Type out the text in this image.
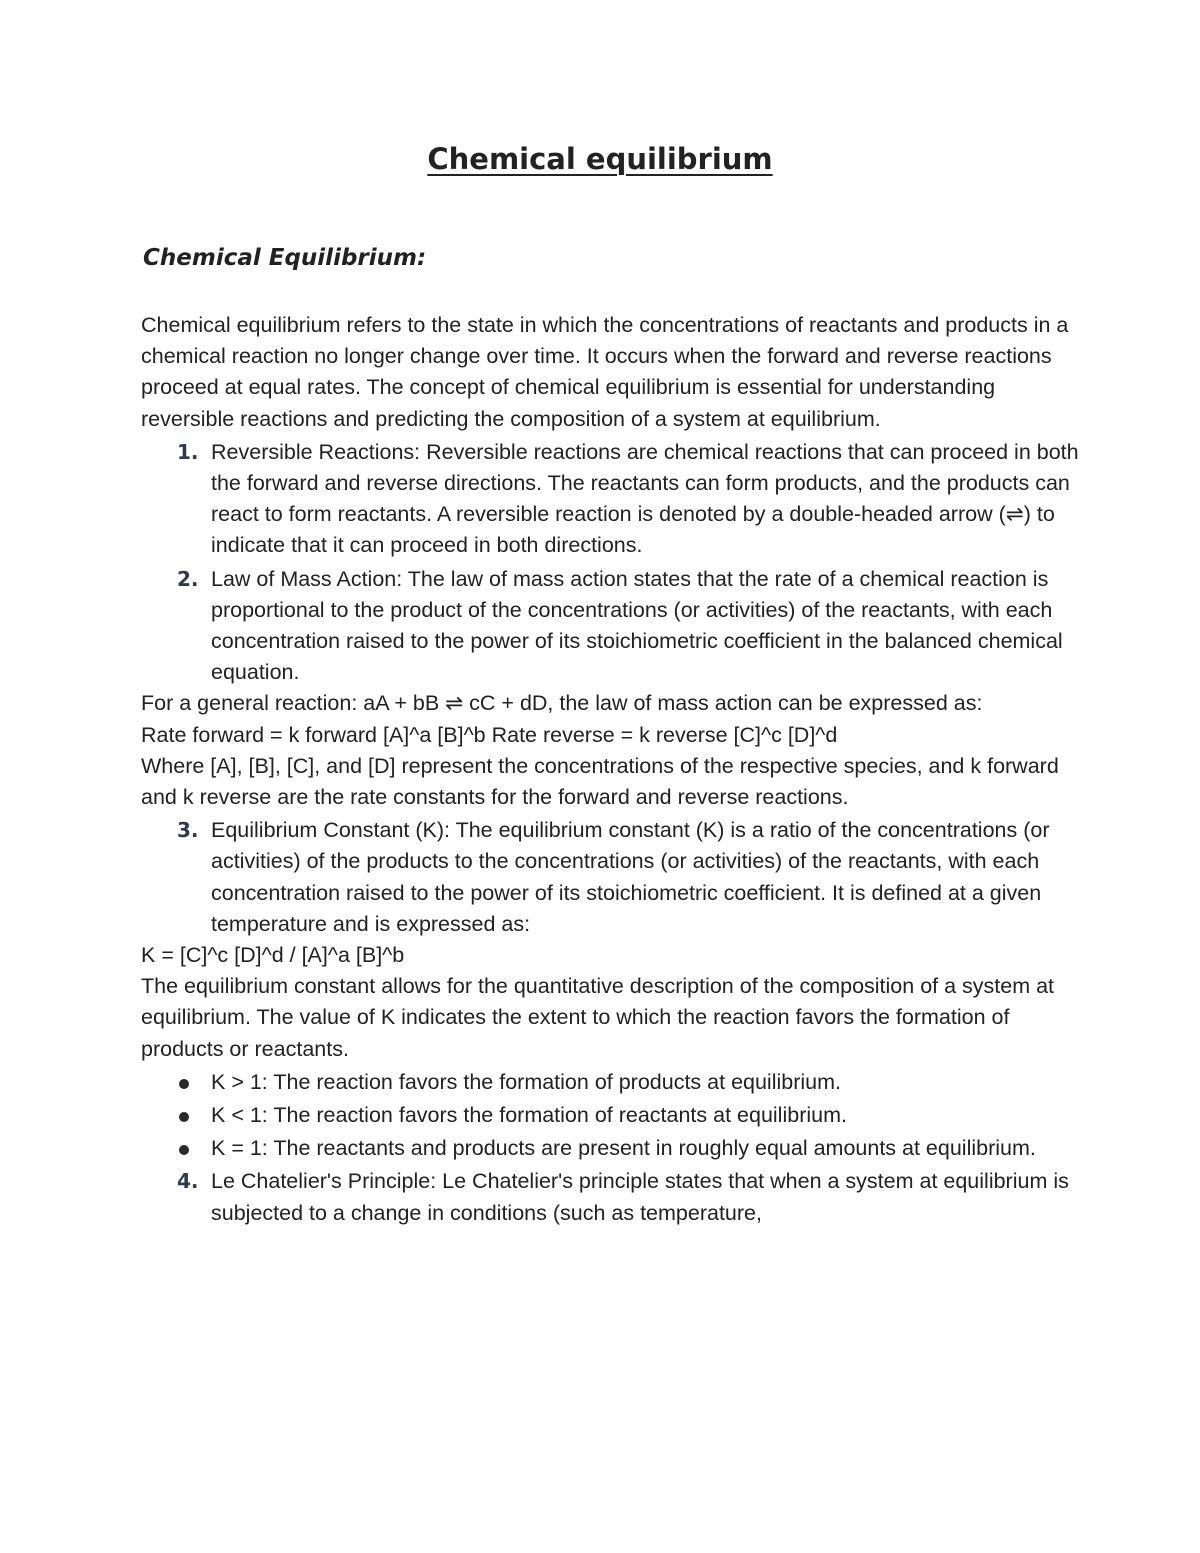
Chemical equilibrium
Chemical Equilibrium:

Chemical equilibrium refers to the state in which the concentrations of reactants and products in a chemical reaction no longer change over time. It occurs when the forward and reverse reactions proceed at equal rates. The concept of chemical equilibrium is essential for understanding reversible reactions and predicting the composition of a system at equilibrium.

1. Reversible Reactions: Reversible reactions are chemical reactions that can proceed in both the forward and reverse directions. The reactants can form products, and the products can react to form reactants. A reversible reaction is denoted by a double-headed arrow (⇌) to indicate that it can proceed in both directions.
2. Law of Mass Action: The law of mass action states that the rate of a chemical reaction is proportional to the product of the concentrations (or activities) of the reactants, with each concentration raised to the power of its stoichiometric coefficient in the balanced chemical equation.

For a general reaction: aA + bB ⇌ cC + dD, the law of mass action can be expressed as:

Rate forward = k forward [A]^a [B]^b Rate reverse = k reverse [C]^c [D]^d

Where [A], [B], [C], and [D] represent the concentrations of the respective species, and k forward and k reverse are the rate constants for the forward and reverse reactions.

3. Equilibrium Constant (K): The equilibrium constant (K) is a ratio of the concentrations (or activities) of the products to the concentrations (or activities) of the reactants, with each concentration raised to the power of its stoichiometric coefficient. It is defined at a given temperature and is expressed as:

K = [C]^c [D]^d / [A]^a [B]^b

The equilibrium constant allows for the quantitative description of the composition of a system at equilibrium. The value of K indicates the extent to which the reaction favors the formation of products or reactants.

K > 1: The reaction favors the formation of products at equilibrium.
K < 1: The reaction favors the formation of reactants at equilibrium.
K = 1: The reactants and products are present in roughly equal amounts at equilibrium.
4. Le Chatelier's Principle: Le Chatelier's principle states that when a system at equilibrium is subjected to a change in conditions (such as temperature,
